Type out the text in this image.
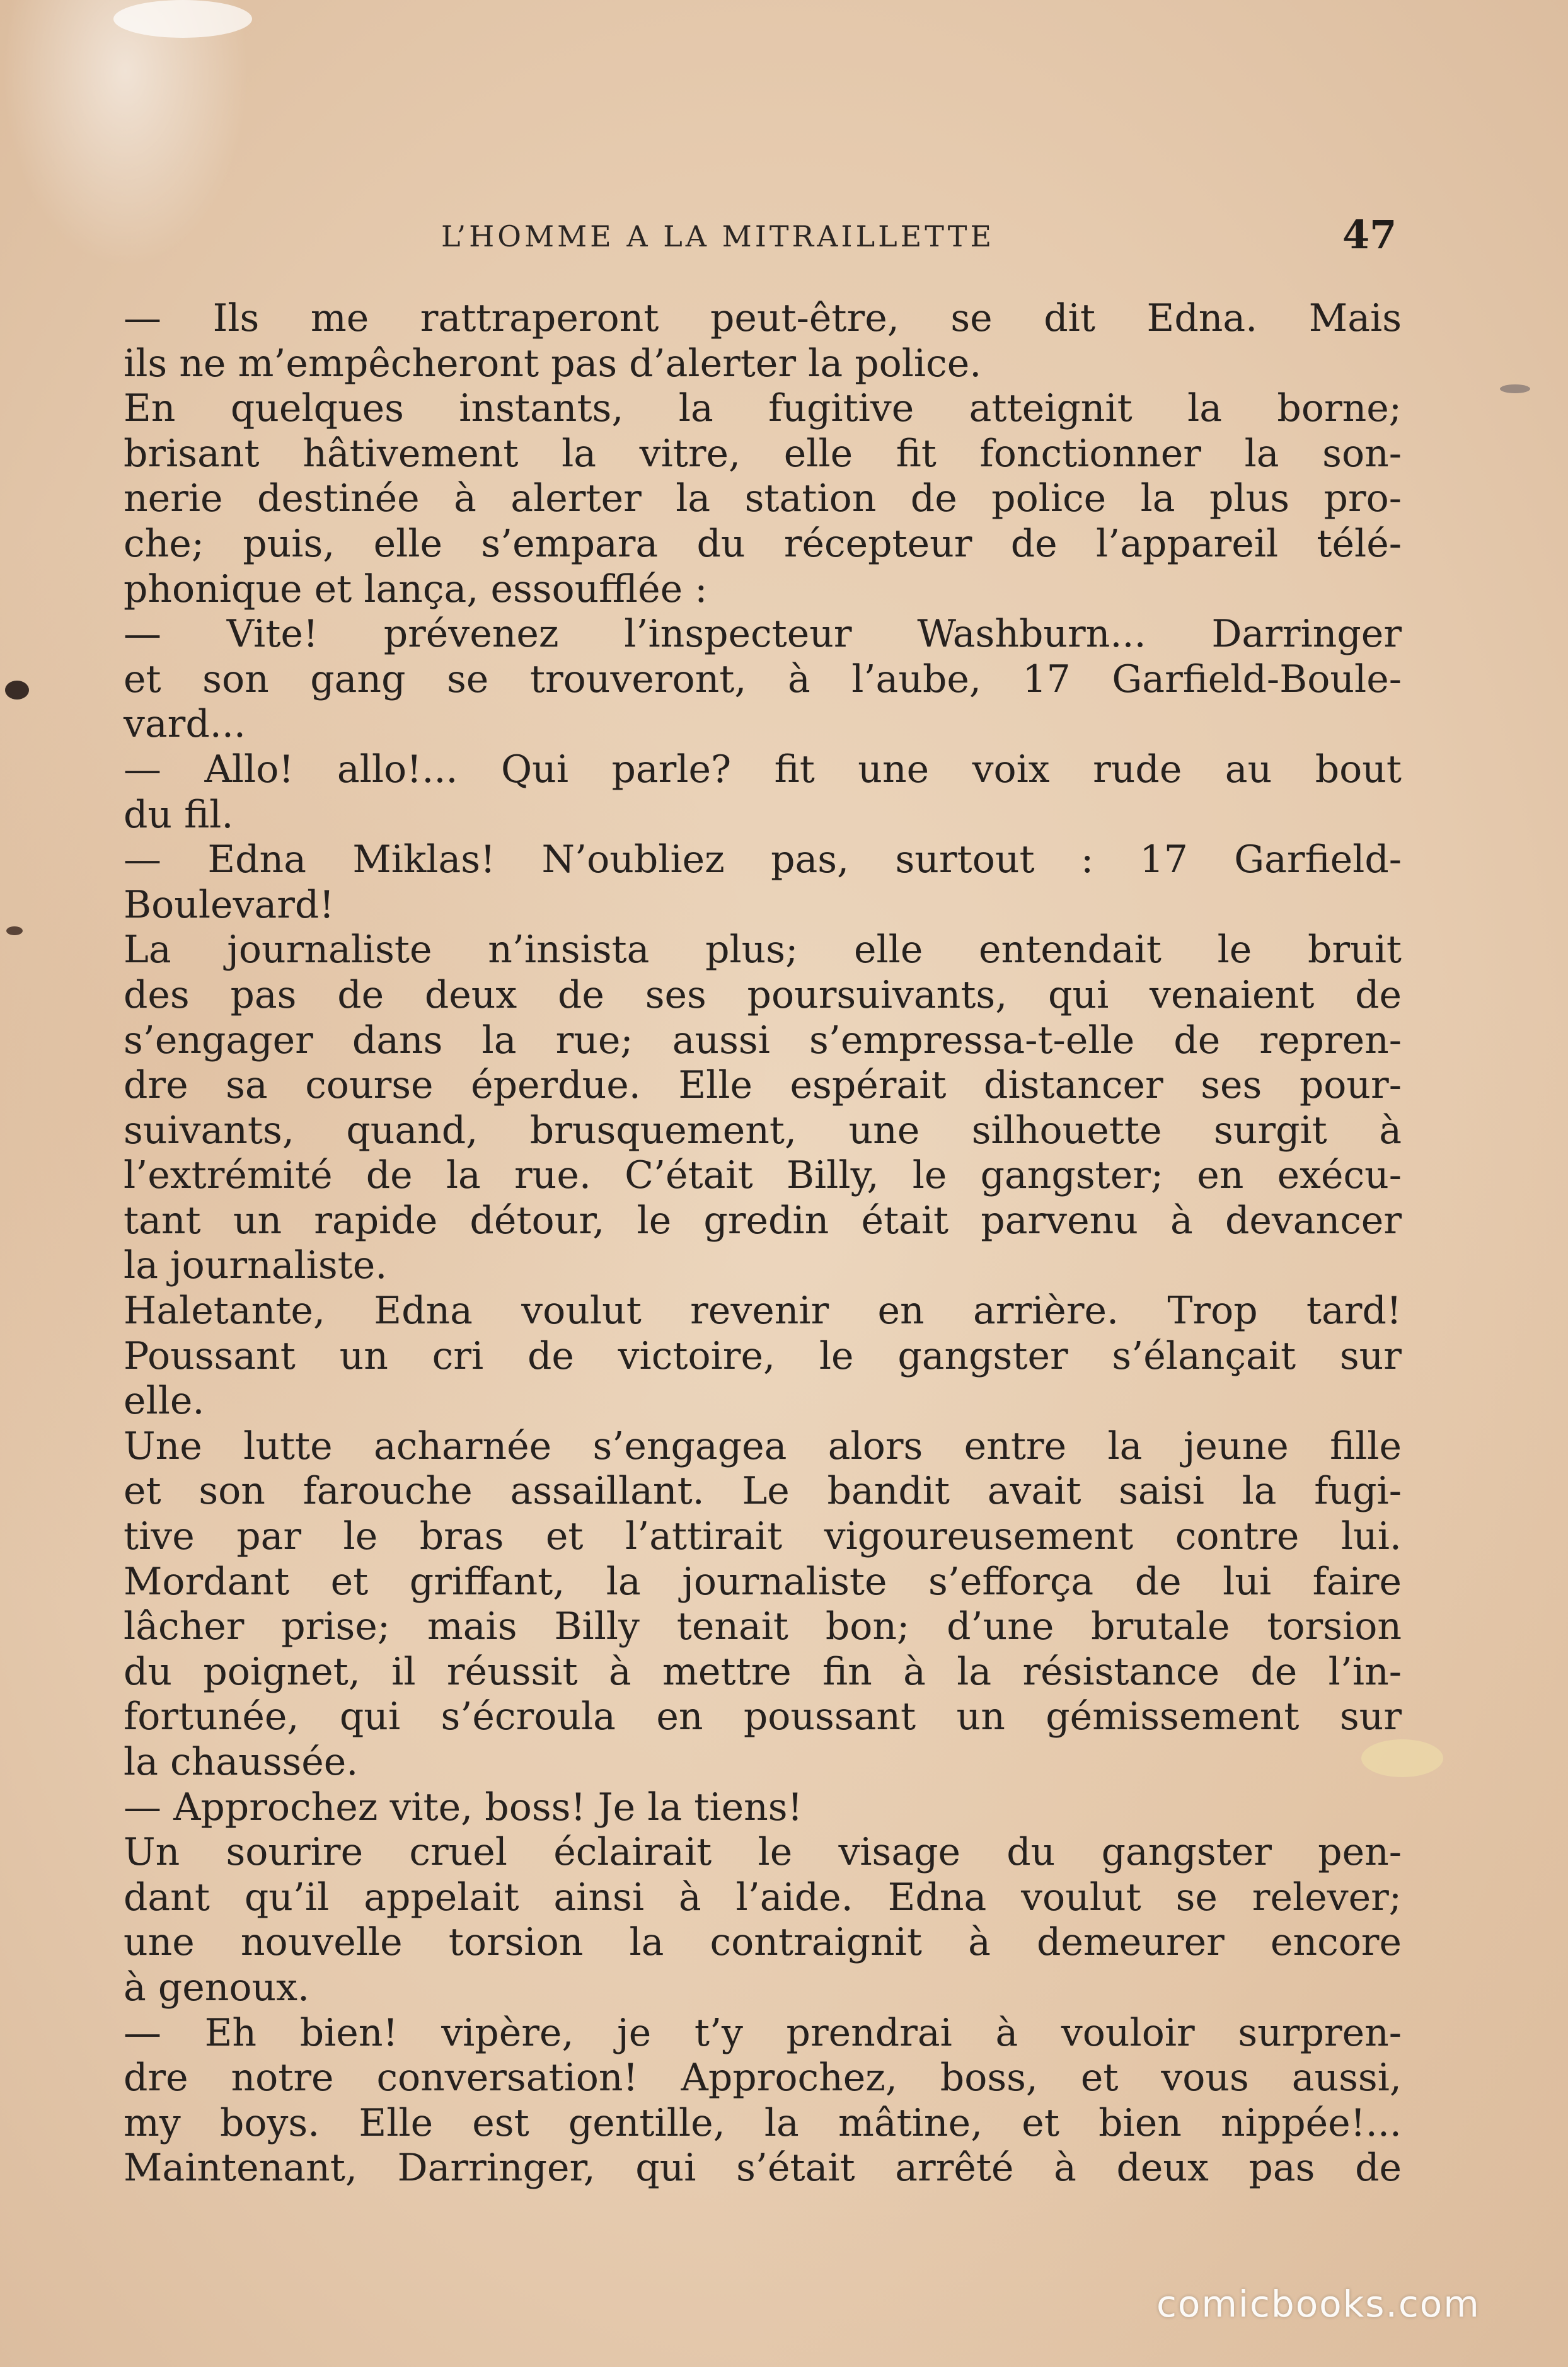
L’HOMME A LA MITRAILLETTE	47
— Ils me rattraperont peut-être, se dit Edna. Mais
ils ne m’empêcheront pas d’alerter la police.
En quelques instants, la fugitive atteignit la borne;
brisant hâtivement la vitre, elle fit fonctionner la son-
nerie destinée à alerter la station de police la plus pro-
che; puis, elle s’empara du récepteur de l’appareil télé-
phonique et lança, essoufflée :
— Vite! prévenez l’inspecteur Washburn... Darringer
et son gang se trouveront, à l’aube, 17 Garfield-Boule-
vard...
— Allo! allo!... Qui parle? fit une voix rude au bout
du fil.
— Edna Miklas! N’oubliez pas, surtout : 17 Garfield-
Boulevard!
La journaliste n’insista plus; elle entendait le bruit
des pas de deux de ses poursuivants, qui venaient de
s’engager dans la rue; aussi s’empressa-t-elle de repren-
dre sa course éperdue. Elle espérait distancer ses pour-
suivants, quand, brusquement, une silhouette surgit à
l’extrémité de la rue. C’était Billy, le gangster; en exécu-
tant un rapide détour, le gredin était parvenu à devancer
la journaliste.
Haletante, Edna voulut revenir en arrière. Trop tard!
Poussant un cri de victoire, le gangster s’élançait sur
elle.
Une lutte acharnée s’engagea alors entre la jeune fille
et son farouche assaillant. Le bandit avait saisi la fugi-
tive par le bras et l’attirait vigoureusement contre lui.
Mordant et griffant, la journaliste s’efforça de lui faire
lâcher prise; mais Billy tenait bon; d’une brutale torsion
du poignet, il réussit à mettre fin à la résistance de l’in-
fortunée, qui s’écroula en poussant un gémissement sur
la chaussée.
— Approchez vite, boss! Je la tiens!
Un sourire cruel éclairait le visage du gangster pen-
dant qu’il appelait ainsi à l’aide. Edna voulut se relever;
une nouvelle torsion la contraignit à demeurer encore
à genoux.
— Eh bien! vipère, je t’y prendrai à vouloir surpren-
dre notre conversation! Approchez, boss, et vous aussi,
my boys. Elle est gentille, la mâtine, et bien nippée!...
Maintenant, Darringer, qui s’était arrêté à deux pas de
comicbooks.com
